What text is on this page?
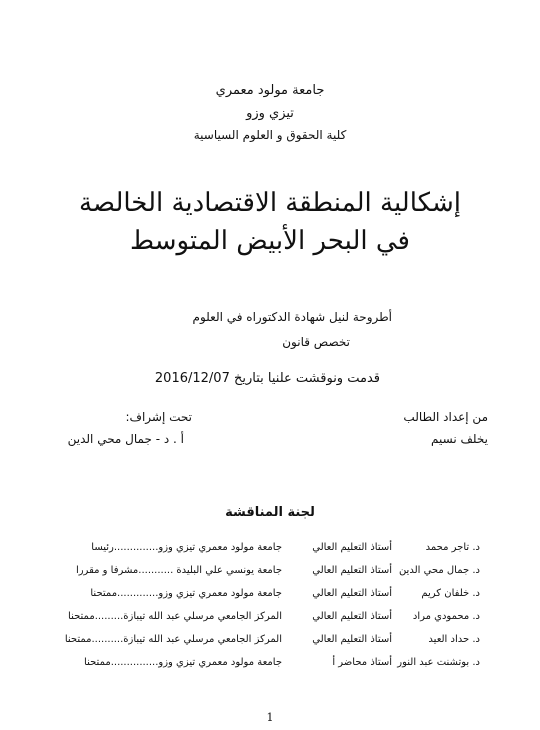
جامعة مولود معمري
تيزي وزو
كلية الحقوق و العلوم السياسية
إشكالية المنطقة الاقتصادية الخالصة
في البحر الأبيض المتوسط
أطروحة لنيل شهادة الدكتوراه في العلوم
تخصص قانون
قدمت ونوقشت علنيا بتاريخ 2016/12/07
من إعداد الطالب
يخلف نسيم
تحت إشراف:
أ . د - جمال محي الدين
لجنة المناقشة
د. تاجر محمد
أستاذ التعليم العالي
جامعة مولود معمري تيزي وزو..............رئيسا
د. جمال محي الدين
أستاذ التعليم العالي
جامعة يونسي علي البليدة ...........مشرفا و مقررا
د. خلفان كريم
أستاذ التعليم العالي
جامعة مولود معمري تيزي وزو.............ممتحنا
د. محمودي مراد
أستاذ التعليم العالي
المركز الجامعي مرسلي عبد الله تيبازة.........ممتحنا
د. حداد العيد
أستاذ التعليم العالي
المركز الجامعي مرسلي عبد الله تيبازة..........ممتحنا
د. بوتشنت عبد النور
أستاذ محاضر أ
جامعة مولود معمري تيزي وزو...............ممتحنا
1
